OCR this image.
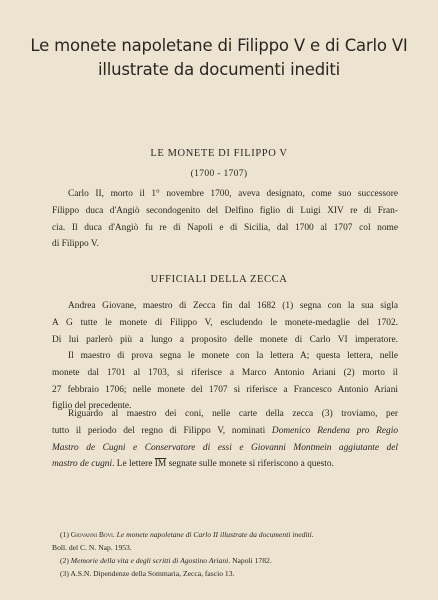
Le monete napoletane di Filippo V e di Carlo VI
illustrate da documenti inediti
LE MONETE DI FILIPPO V
(1700 - 1707)
Carlo II, morto il 1° novembre 1700, aveva designato, come suo successore
Filippo duca d'Angiò secondogenito del Delfino figlio di Luigi XIV re di Fran-
cia. Il duca d'Angiò fu re di Napoli e di Sicilia, dal 1700 al 1707 col nome
di Filippo V.
UFFICIALI DELLA ZECCA
Andrea Giovane, maestro di Zecca fin dal 1682 (1) segna con la sua sigla
A G tutte le monete di Filippo V, escludendo le monete-medaglie del 1702.
Di lui parlerò più a lungo a proposito delle monete di Carlo VI imperatore.
Il maestro di prova segna le monete con la lettera A; questa lettera, nelle
monete dal 1701 al 1703, si riferisce a Marco Antonio Ariani (2) morto il
27 febbraio 1706; nelle monete del 1707 si riferisce a Francesco Antonio Ariani
figlio del precedente.
Riguardo al maestro dei coni, nelle carte della zecca (3) troviamo, per
tutto il periodo del regno di Filippo V, nominati Domenico Rendena pro Regio
Mastro de Cugni e Conservatore di essi e Giovanni Montmein aggiutante del
mastro de cugni. Le lettere $\overline{IM}$ segnate sulle monete si riferiscono a questo.
(1) Giovanni Bovi. Le monete napoletane di Carlo II illustrate da documenti inediti.
Boll. del C. N. Nap. 1953.
(2) Memorie della vita e degli scritti di Agostino Ariani. Napoli 1782.
(3) A.S.N. Dipendenze della Sommaria, Zecca, fascio 13.
